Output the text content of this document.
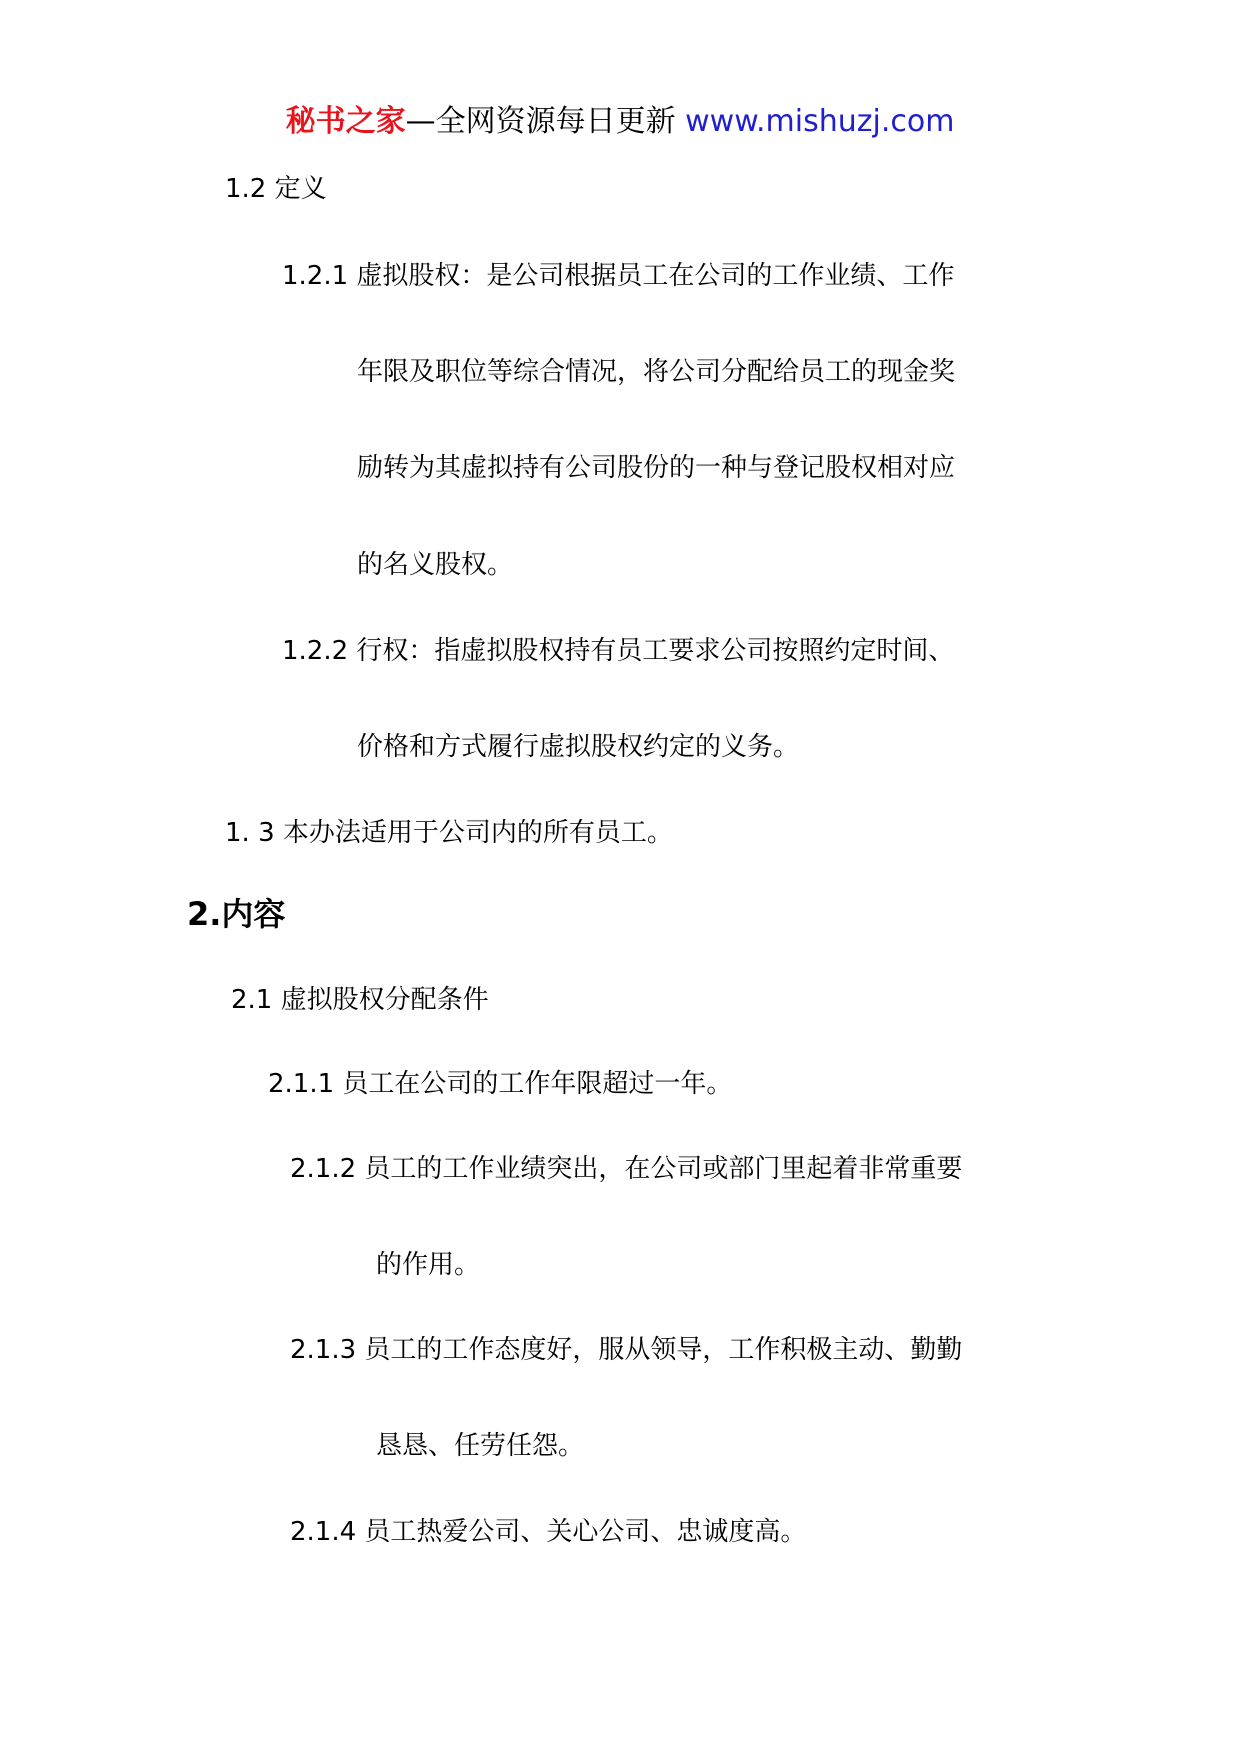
秘书之家—全网资源每日更新 www.mishuzj.com
1.2 定义
1.2.1 虚拟股权：是公司根据员工在公司的工作业绩、工作
年限及职位等综合情况，将公司分配给员工的现金奖
励转为其虚拟持有公司股份的一种与登记股权相对应
的名义股权。
1.2.2 行权：指虚拟股权持有员工要求公司按照约定时间、
价格和方式履行虚拟股权约定的义务。
1. 3 本办法适用于公司内的所有员工。
2.内容
2.1 虚拟股权分配条件
2.1.1 员工在公司的工作年限超过一年。
2.1.2 员工的工作业绩突出，在公司或部门里起着非常重要
的作用。
2.1.3 员工的工作态度好，服从领导，工作积极主动、勤勤
恳恳、任劳任怨。
2.1.4 员工热爱公司、关心公司、忠诚度高。
